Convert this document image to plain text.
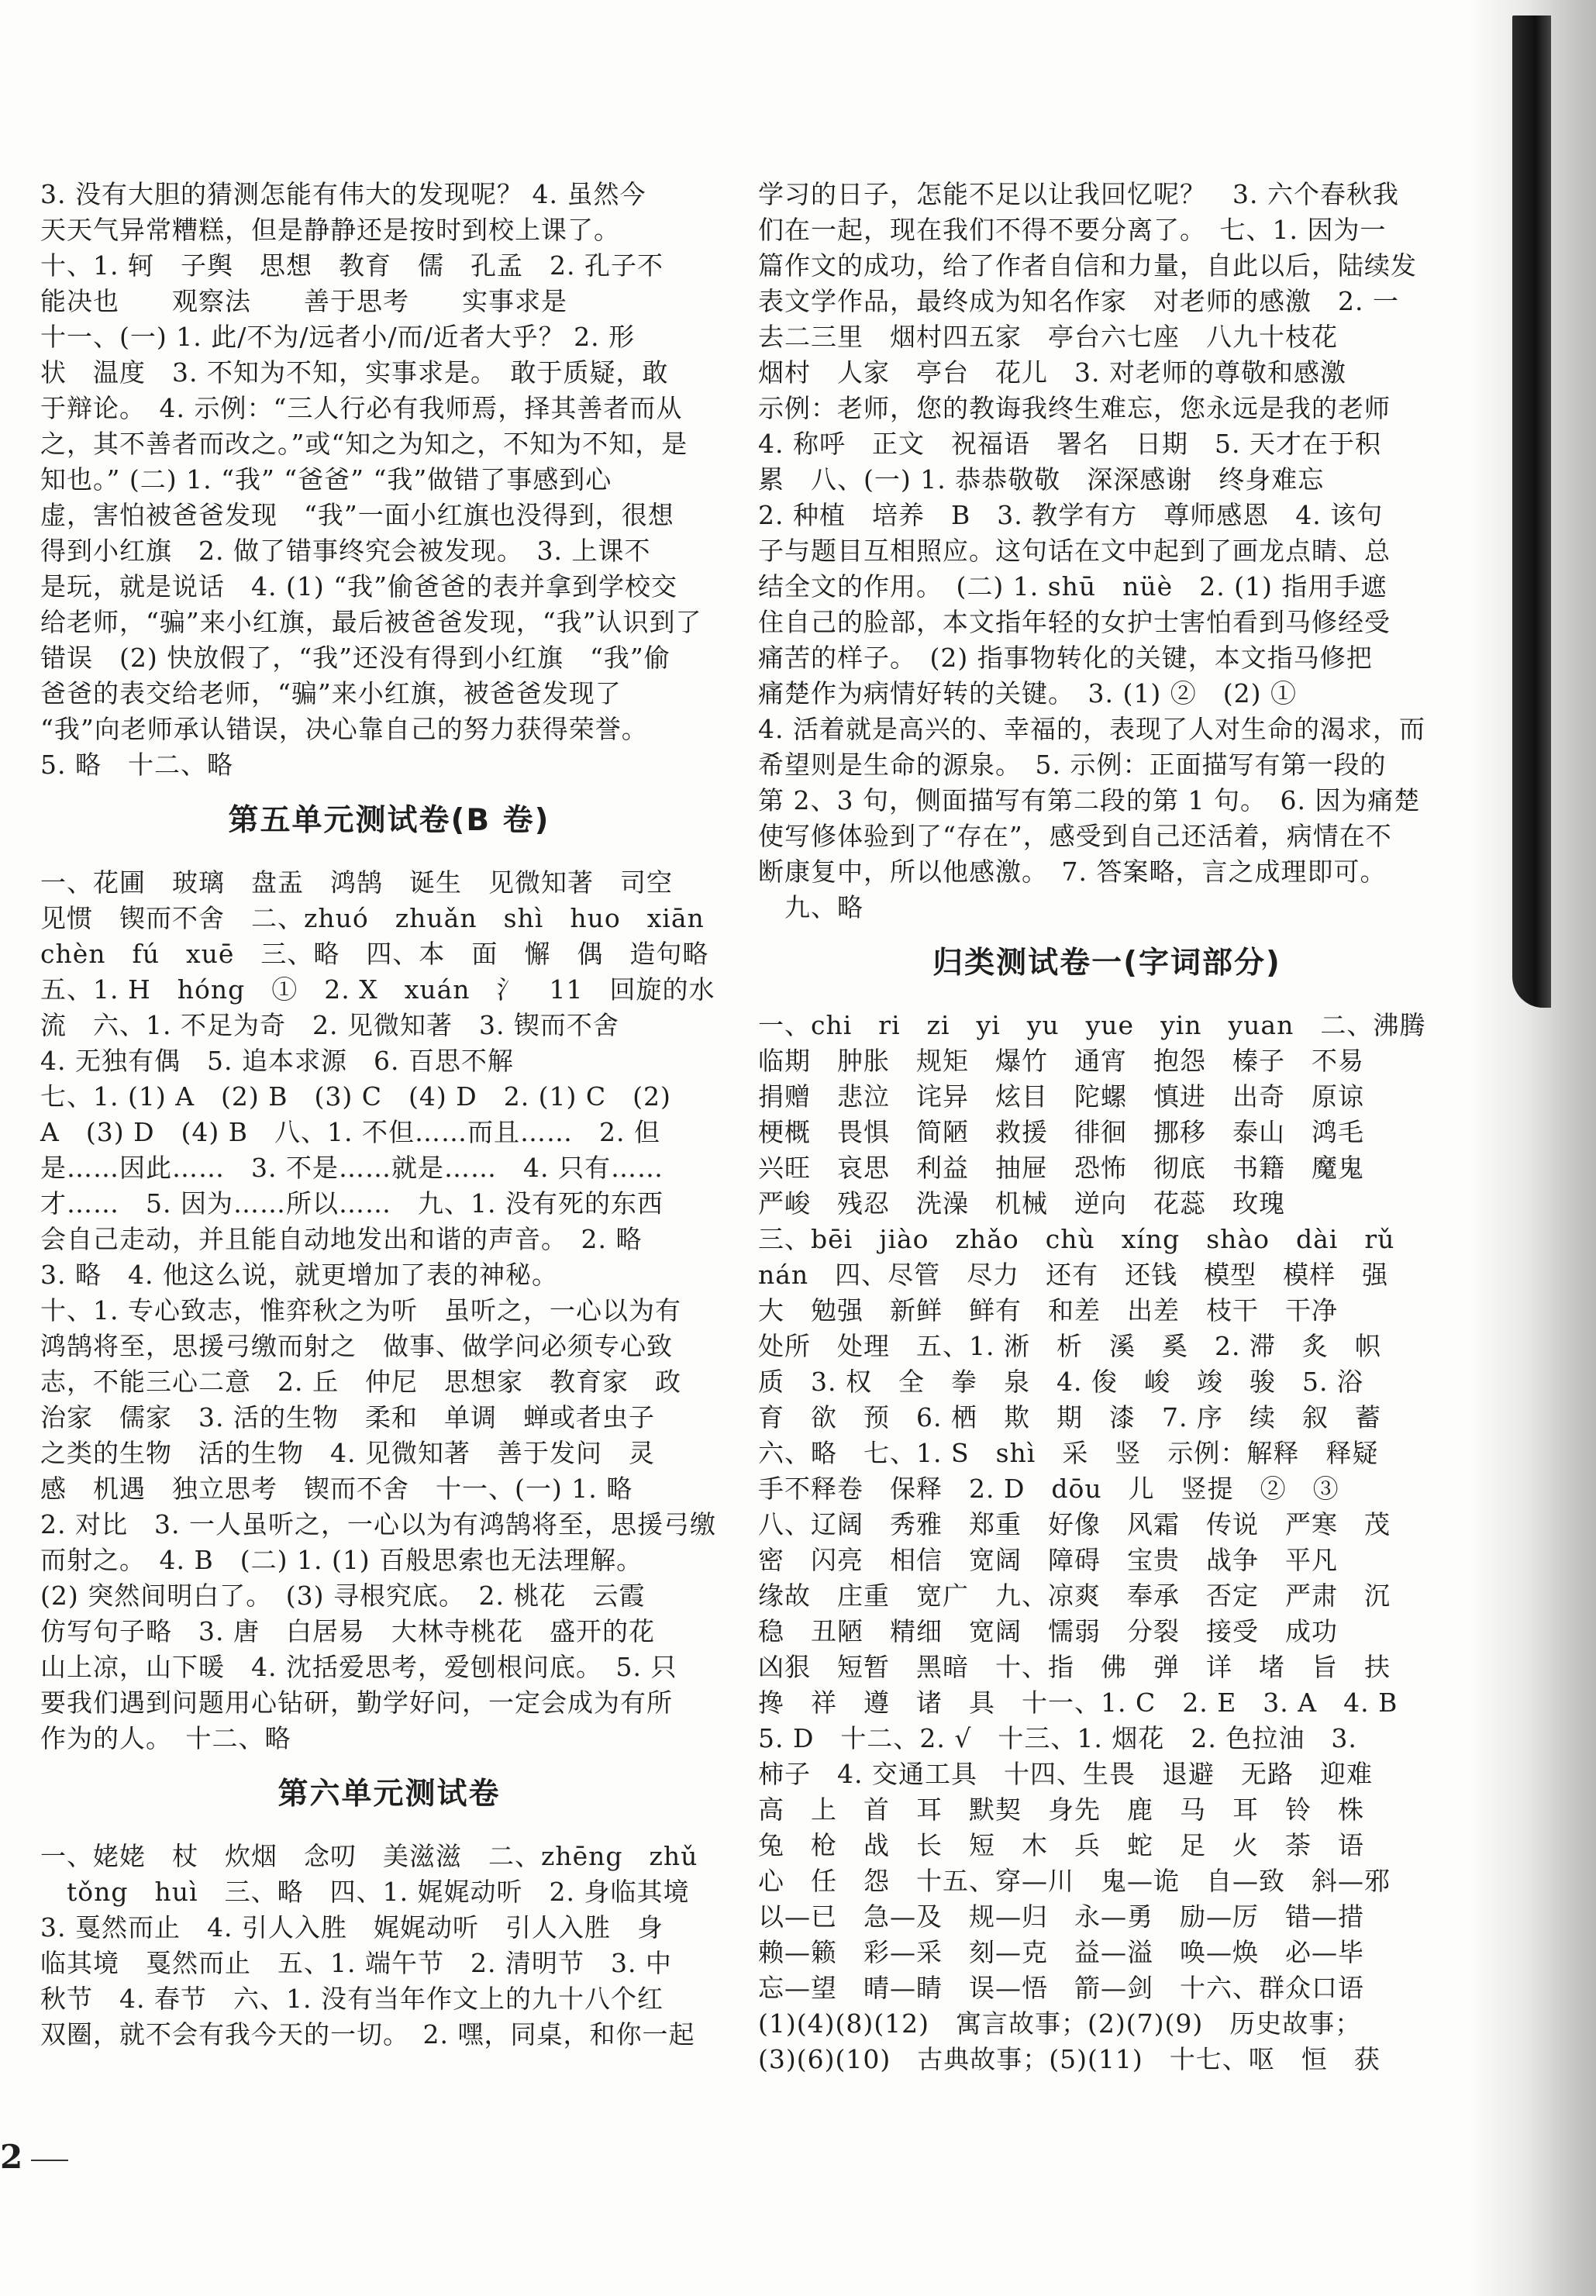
3. 没有大胆的猜测怎能有伟大的发现呢？ 4. 虽然今

天天气异常糟糕，但是静静还是按时到校上课了。

十、1. 轲　子舆　思想　教育　儒　孔孟　2. 孔子不

能决也　　观察法　　善于思考　　实事求是

十一、(一) 1. 此/不为/远者小/而/近者大乎？ 2. 形

状　温度　3. 不知为不知，实事求是。　敢于质疑，敢

于辩论。　4. 示例：“三人行必有我师焉，择其善者而从

之，其不善者而改之。”或“知之为知之，不知为不知，是

知也。” (二) 1. “我” “爸爸” “我”做错了事感到心

虚，害怕被爸爸发现　“我”一面小红旗也没得到，很想

得到小红旗　2. 做了错事终究会被发现。　3. 上课不

是玩，就是说话　4. (1) “我”偷爸爸的表并拿到学校交

给老师，“骗”来小红旗，最后被爸爸发现，“我”认识到了

错误　(2) 快放假了，“我”还没有得到小红旗　“我”偷

爸爸的表交给老师，“骗”来小红旗，被爸爸发现了

“我”向老师承认错误，决心靠自己的努力获得荣誉。

5. 略　十二、略

第五单元测试卷(B 卷)

一、花圃　玻璃　盘盂　鸿鹄　诞生　见微知著　司空

见惯　锲而不舍　二、zhuó　zhuǎn　shì　huo　xiān

chèn　fú　xuē　三、略　四、本　面　懈　偶　造句略

五、1. H　hóng　①　2. X　xuán　氵　11　回旋的水

流　六、1. 不足为奇　2. 见微知著　3. 锲而不舍

4. 无独有偶　5. 追本求源　6. 百思不解

七、1. (1) A　(2) B　(3) C　(4) D　2. (1) C　(2)

A　(3) D　(4) B　八、1. 不但……而且……　2. 但

是……因此……　3. 不是……就是……　4. 只有……

才……　5. 因为……所以……　九、1. 没有死的东西

会自己走动，并且能自动地发出和谐的声音。　2. 略

3. 略　4. 他这么说，就更增加了表的神秘。

十、1. 专心致志，惟弈秋之为听　虽听之，一心以为有

鸿鹄将至，思援弓缴而射之　做事、做学问必须专心致

志，不能三心二意　2. 丘　仲尼　思想家　教育家　政

治家　儒家　3. 活的生物　柔和　单调　蝉或者虫子

之类的生物　活的生物　4. 见微知著　善于发问　灵

感　机遇　独立思考　锲而不舍　十一、(一) 1. 略

2. 对比　3. 一人虽听之，一心以为有鸿鹄将至，思援弓缴

而射之。　4. B　(二) 1. (1) 百般思索也无法理解。

(2) 突然间明白了。　(3) 寻根究底。　2. 桃花　云霞

仿写句子略　3. 唐　白居易　大林寺桃花　盛开的花

山上凉，山下暖　4. 沈括爱思考，爱刨根问底。　5. 只

要我们遇到问题用心钻研，勤学好问，一定会成为有所

作为的人。　十二、略

第六单元测试卷

一、姥姥　杖　炊烟　念叨　美滋滋　二、zhēng　zhǔ

　tǒng　huì　三、略　四、1. 娓娓动听　2. 身临其境

3. 戛然而止　4. 引人入胜　娓娓动听　引人入胜　身

临其境　戛然而止　五、1. 端午节　2. 清明节　3. 中

秋节　4. 春节　六、1. 没有当年作文上的九十八个红

双圈，就不会有我今天的一切。　2. 嘿，同桌，和你一起

学习的日子，怎能不足以让我回忆呢？　3. 六个春秋我

们在一起，现在我们不得不要分离了。　七、1. 因为一

篇作文的成功，给了作者自信和力量，自此以后，陆续发

表文学作品，最终成为知名作家　对老师的感激　2. 一

去二三里　烟村四五家　亭台六七座　八九十枝花

烟村　人家　亭台　花儿　3. 对老师的尊敬和感激

示例：老师，您的教诲我终生难忘，您永远是我的老师

4. 称呼　正文　祝福语　署名　日期　5. 天才在于积

累　八、(一) 1. 恭恭敬敬　深深感谢　终身难忘

2. 种植　培养　B　3. 教学有方　尊师感恩　4. 该句

子与题目互相照应。这句话在文中起到了画龙点睛、总

结全文的作用。　(二) 1. shū　nüè　2. (1) 指用手遮

住自己的脸部，本文指年轻的女护士害怕看到马修经受

痛苦的样子。　(2) 指事物转化的关键，本文指马修把

痛楚作为病情好转的关键。　3. (1) ②　(2) ①

4. 活着就是高兴的、幸福的，表现了人对生命的渴求，而

希望则是生命的源泉。　5. 示例：正面描写有第一段的

第 2、3 句，侧面描写有第二段的第 1 句。　6. 因为痛楚

使写修体验到了“存在”，感受到自己还活着，病情在不

断康复中，所以他感激。　7. 答案略，言之成理即可。

　九、略

归类测试卷一(字词部分)

一、chi　ri　zi　yi　yu　yue　yin　yuan　二、沸腾

临期　肿胀　规矩　爆竹　通宵　抱怨　榛子　不易

捐赠　悲泣　诧异　炫目　陀螺　慎进　出奇　原谅

梗概　畏惧　简陋　救援　徘徊　挪移　泰山　鸿毛

兴旺　哀思　利益　抽屉　恐怖　彻底　书籍　魔鬼

严峻　残忍　洗澡　机械　逆向　花蕊　玫瑰

三、bēi　jiào　zhǎo　chù　xíng　shào　dài　rǔ

nán　四、尽管　尽力　还有　还钱　模型　模样　强

大　勉强　新鲜　鲜有　和差　出差　枝干　干净

处所　处理　五、1. 淅　析　溪　奚　2. 滞　炙　帜

质　3. 权　全　拳　泉　4. 俊　峻　竣　骏　5. 浴

育　欲　预　6. 栖　欺　期　漆　7. 序　续　叙　蓄

六、略　七、1. S　shì　采　竖　示例：解释　释疑

手不释卷　保释　2. D　dōu　儿　竖提　②　③

八、辽阔　秀雅　郑重　好像　风霜　传说　严寒　茂

密　闪亮　相信　宽阔　障碍　宝贵　战争　平凡

缘故　庄重　宽广　九、凉爽　奉承　否定　严肃　沉

稳　丑陋　精细　宽阔　懦弱　分裂　接受　成功

凶狠　短暂　黑暗　十、指　佛　弹　详　堵　旨　扶

搀　祥　遵　诸　具　十一、1. C　2. E　3. A　4. B

5. D　十二、2. √　十三、1. 烟花　2. 色拉油　3.

柿子　4. 交通工具　十四、生畏　退避　无路　迎难

高　上　首　耳　默契　身先　鹿　马　耳　铃　株

兔　枪　战　长　短　木　兵　蛇　足　火　荼　语

心　任　怨　十五、穿—川　鬼—诡　自—致　斜—邪

以—已　急—及　规—归　永—勇　励—厉　错—措

赖—籁　彩—采　刻—克　益—溢　唤—焕　必—毕

忘—望　晴—睛　误—悟　箭—剑　十六、群众口语

(1)(4)(8)(12)　寓言故事；(2)(7)(9)　历史故事；

(3)(6)(10)　古典故事；(5)(11)　十七、呕　恒　获

2
